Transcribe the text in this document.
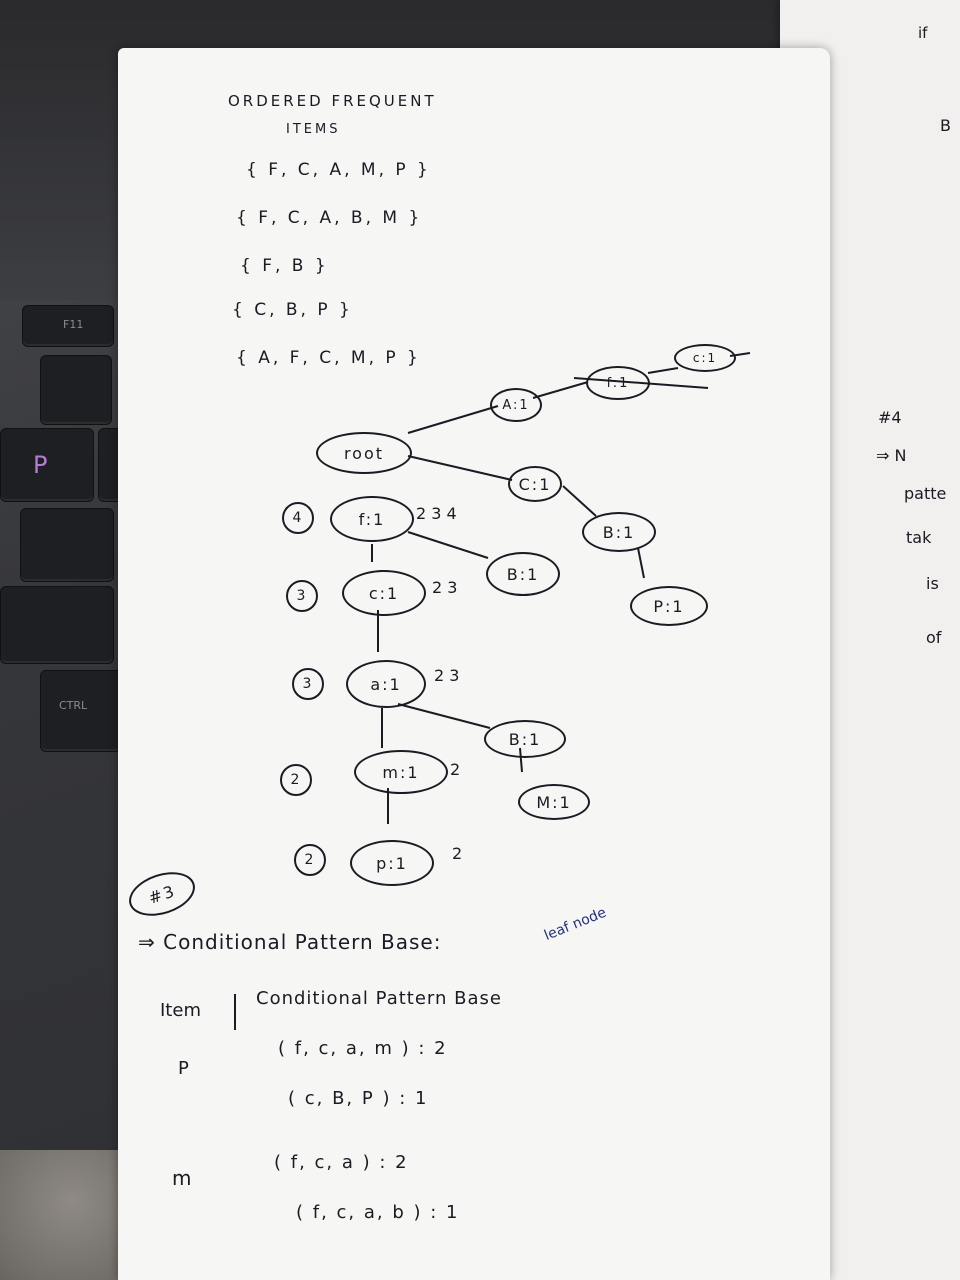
F11
P
CTRL
if
B
#4
⇒ N
patte
tak
is
of
ORDERED FREQUENT
ITEMS
{ F, C, A, M, P }
{ F, C, A, B, M }
{ F, B }
{ C, B, P }
{ A, F, C, M, P }
root
A:1
f:1
c:1
C:1
B:1
P:1
f:1 2 3 4
4
B:1
c:1 2 3
3
a:1 2 3
3
B:1
M:1
m:1 2
2
p:1	2
2
#3
⇒ Conditional Pattern Base:	leaf node
Item
Conditional Pattern Base
P
( f, c, a, m ) : 2
( c, B, P ) : 1
m
( f, c, a ) : 2
( f, c, a, b ) : 1
